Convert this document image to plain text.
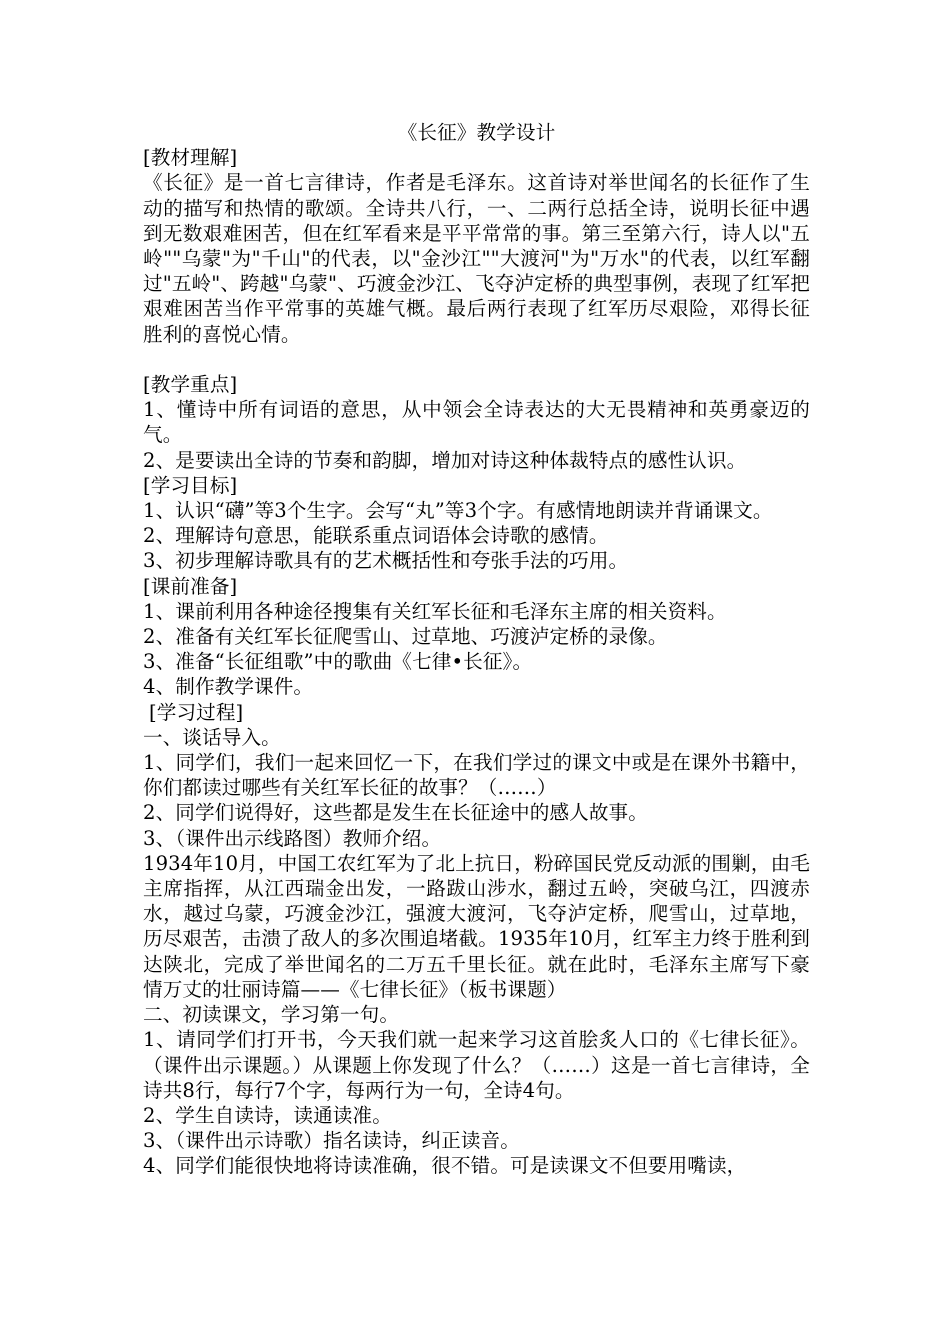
《长征》教学设计

[教材理解]

《长征》是一首七言律诗，作者是毛泽东。这首诗对举世闻名的长征作了生动的描写和热情的歌颂。全诗共八行，一、二两行总括全诗，说明长征中遇到无数艰难困苦，但在红军看来是平平常常的事。第三至第六行，诗人以"五岭""乌蒙"为"千山"的代表，以"金沙江""大渡河"为"万水"的代表，以红军翻过"五岭"、跨越"乌蒙"、巧渡金沙江、飞夺泸定桥的典型事例，表现了红军把艰难困苦当作平常事的英雄气概。最后两行表现了红军历尽艰险，邓得长征胜利的喜悦心情。

[教学重点]

1、懂诗中所有词语的意思，从中领会全诗表达的大无畏精神和英勇豪迈的气。

2、是要读出全诗的节奏和韵脚，增加对诗这种体裁特点的感性认识。

[学习目标]

1、认识“礴”等3个生字。会写“丸”等3个字。有感情地朗读并背诵课文。

2、理解诗句意思，能联系重点词语体会诗歌的感情。

3、初步理解诗歌具有的艺术概括性和夸张手法的巧用。

[课前准备]

1、课前利用各种途径搜集有关红军长征和毛泽东主席的相关资料。

2、准备有关红军长征爬雪山、过草地、巧渡泸定桥的录像。

3、准备“长征组歌”中的歌曲《七律•长征》。

4、制作教学课件。

[学习过程]

一、谈话导入。

1、同学们，我们一起来回忆一下，在我们学过的课文中或是在课外书籍中，你们都读过哪些有关红军长征的故事？（……）

2、同学们说得好，这些都是发生在长征途中的感人故事。

3、（课件出示线路图）教师介绍。

1934年10月，中国工农红军为了北上抗日，粉碎国民党反动派的围剿，由毛主席指挥，从江西瑞金出发，一路跋山涉水，翻过五岭，突破乌江，四渡赤水，越过乌蒙，巧渡金沙江，强渡大渡河，飞夺泸定桥，爬雪山，过草地，历尽艰苦，击溃了敌人的多次围追堵截。1935年10月，红军主力终于胜利到达陕北，完成了举世闻名的二万五千里长征。就在此时，毛泽东主席写下豪情万丈的壮丽诗篇——《七律长征》（板书课题）

二、初读课文，学习第一句。

1、请同学们打开书，今天我们就一起来学习这首脍炙人口的《七律长征》。（课件出示课题。）从课题上你发现了什么？（……）这是一首七言律诗，全诗共8行，每行7个字，每两行为一句，全诗4句。

2、学生自读诗，读通读准。

3、（课件出示诗歌）指名读诗，纠正读音。

4、同学们能很快地将诗读准确，很不错。可是读课文不但要用嘴读，
